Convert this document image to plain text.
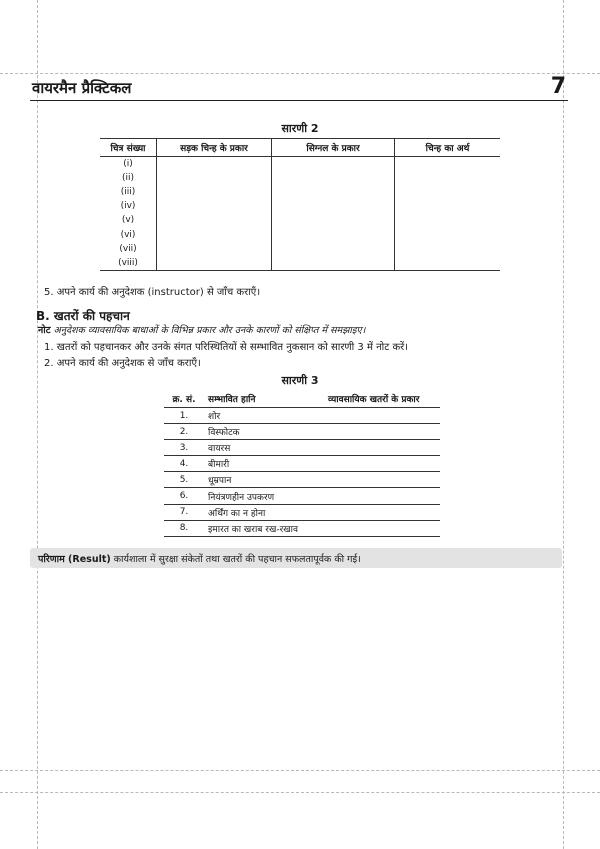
वायरमैन प्रैक्टिकल	7
सारणी 2
चित्र संख्या	सड़क चिन्ह के प्रकार	सिग्नल के प्रकार	चिन्ह का अर्थ
(i)			
(ii)			
(iii)			
(iv)			
(v)			
(vi)			
(vii)			
(viii)			
5. अपने कार्य की अनुदेशक (instructor) से जाँच कराएँ।
B. खतरों की पहचान
नोट अनुदेशक व्यावसायिक बाधाओं के विभिन्न प्रकार और उनके कारणों को संक्षिप्त में समझाइए।
1. खतरों को पहचानकर और उनके संगत परिस्थितियों से सम्भावित नुकसान को सारणी 3 में नोट करें।
2. अपने कार्य की अनुदेशक से जाँच कराएँ।
सारणी 3
क्र. सं.	सम्भावित हानि	व्यावसायिक खतरों के प्रकार
1.	शोर	
2.	विस्फोटक	
3.	वायरस	
4.	बीमारी	
5.	धूम्रपान	
6.	नियंत्रणहीन उपकरण	
7.	अर्थिंग का न होना	
8.	इमारत का खराब रख-रखाव	
परिणाम (Result) कार्यशाला में सुरक्षा संकेतों तथा खतरों की पहचान सफलतापूर्वक की गई।
